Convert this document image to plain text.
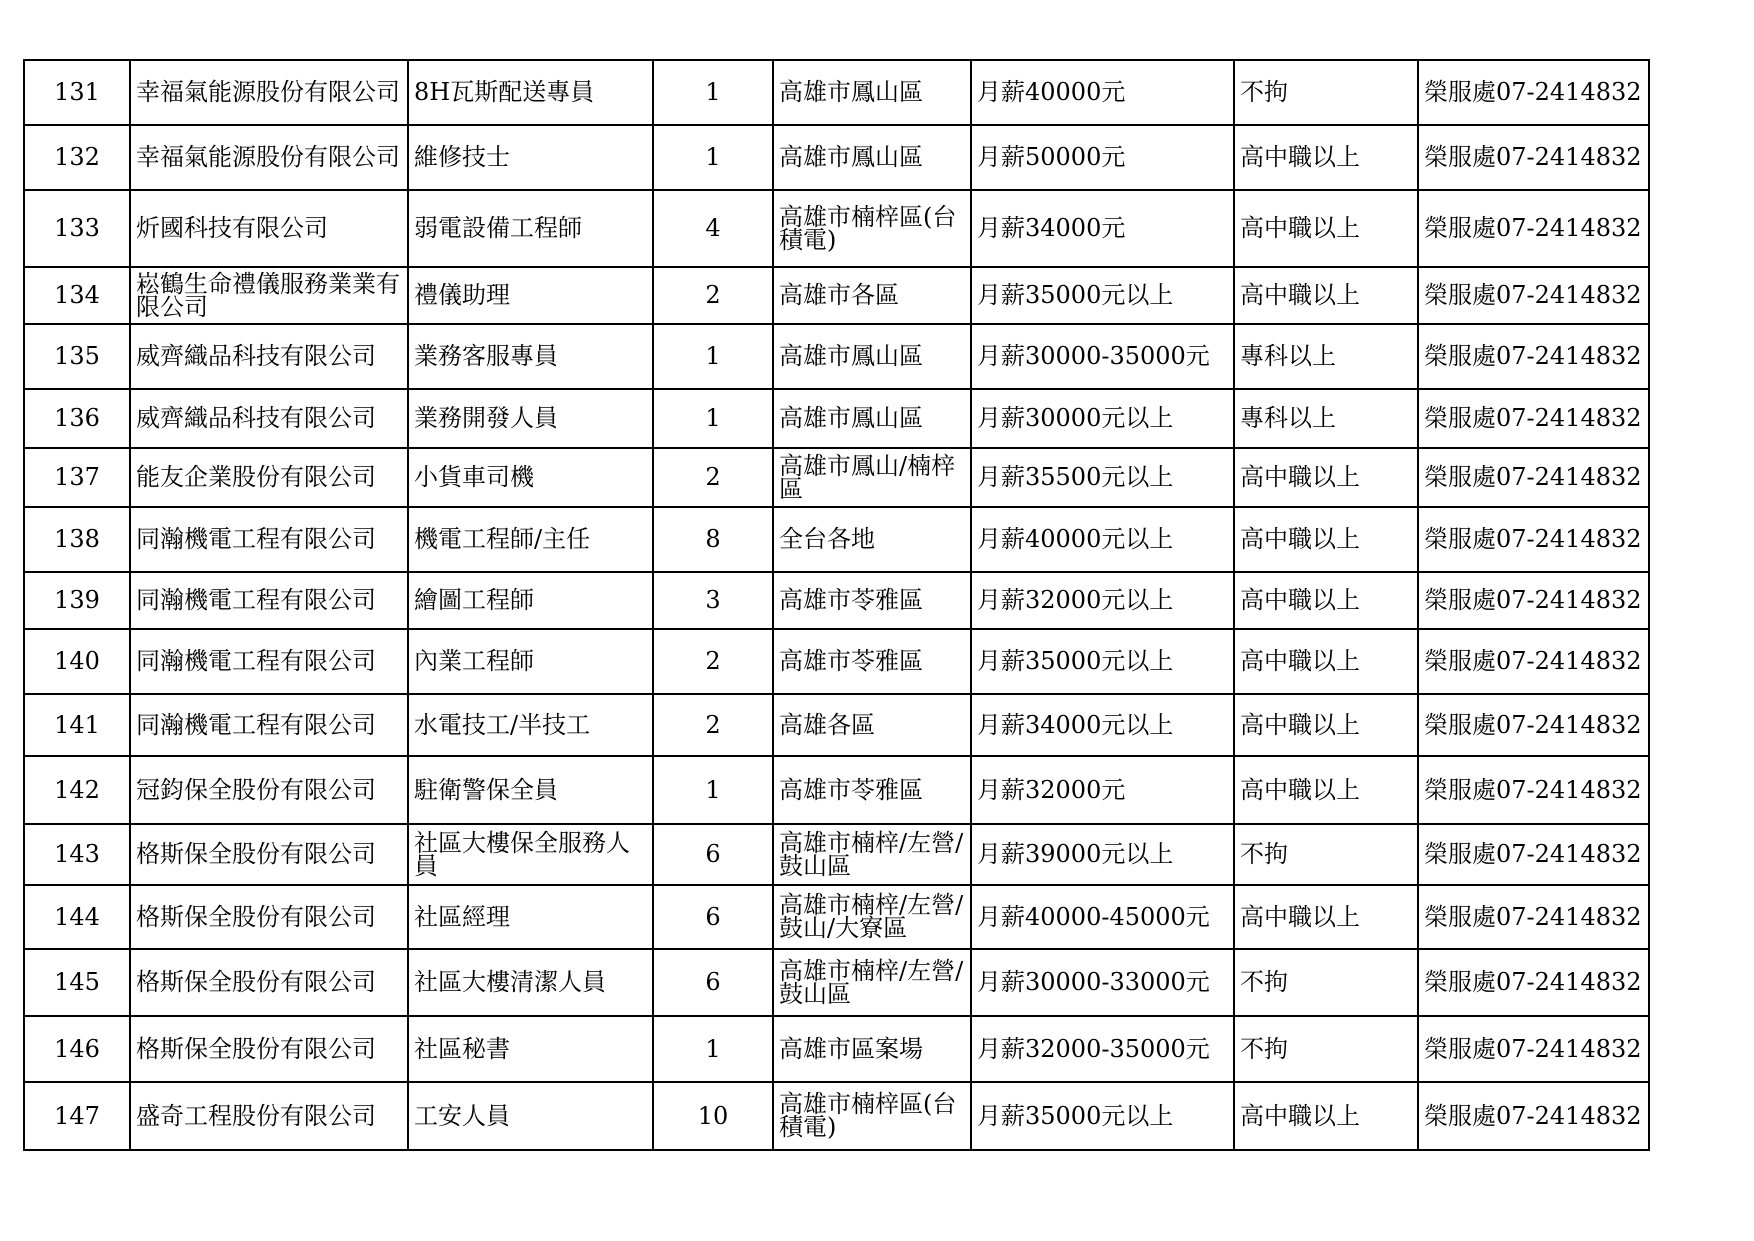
131	幸福氣能源股份有限公司	8H瓦斯配送專員	1	高雄市鳳山區	月薪40000元	不拘	榮服處07-2414832
132	幸福氣能源股份有限公司	維修技士	1	高雄市鳳山區	月薪50000元	高中職以上	榮服處07-2414832
133	炘國科技有限公司	弱電設備工程師	4	高雄市楠梓區(台積電)	月薪34000元	高中職以上	榮服處07-2414832
134	崧鶴生命禮儀服務業業有限公司	禮儀助理	2	高雄市各區	月薪35000元以上	高中職以上	榮服處07-2414832
135	威齊織品科技有限公司	業務客服專員	1	高雄市鳳山區	月薪30000-35000元	專科以上	榮服處07-2414832
136	威齊織品科技有限公司	業務開發人員	1	高雄市鳳山區	月薪30000元以上	專科以上	榮服處07-2414832
137	能友企業股份有限公司	小貨車司機	2	高雄市鳳山/楠梓區	月薪35500元以上	高中職以上	榮服處07-2414832
138	同瀚機電工程有限公司	機電工程師/主任	8	全台各地	月薪40000元以上	高中職以上	榮服處07-2414832
139	同瀚機電工程有限公司	繪圖工程師	3	高雄市苓雅區	月薪32000元以上	高中職以上	榮服處07-2414832
140	同瀚機電工程有限公司	內業工程師	2	高雄市苓雅區	月薪35000元以上	高中職以上	榮服處07-2414832
141	同瀚機電工程有限公司	水電技工/半技工	2	高雄各區	月薪34000元以上	高中職以上	榮服處07-2414832
142	冠鈞保全股份有限公司	駐衛警保全員	1	高雄市苓雅區	月薪32000元	高中職以上	榮服處07-2414832
143	格斯保全股份有限公司	社區大樓保全服務人員	6	高雄市楠梓/左營/鼓山區	月薪39000元以上	不拘	榮服處07-2414832
144	格斯保全股份有限公司	社區經理	6	高雄市楠梓/左營/鼓山/大寮區	月薪40000-45000元	高中職以上	榮服處07-2414832
145	格斯保全股份有限公司	社區大樓清潔人員	6	高雄市楠梓/左營/鼓山區	月薪30000-33000元	不拘	榮服處07-2414832
146	格斯保全股份有限公司	社區秘書	1	高雄市區案場	月薪32000-35000元	不拘	榮服處07-2414832
147	盛奇工程股份有限公司	工安人員	10	高雄市楠梓區(台積電)	月薪35000元以上	高中職以上	榮服處07-2414832
